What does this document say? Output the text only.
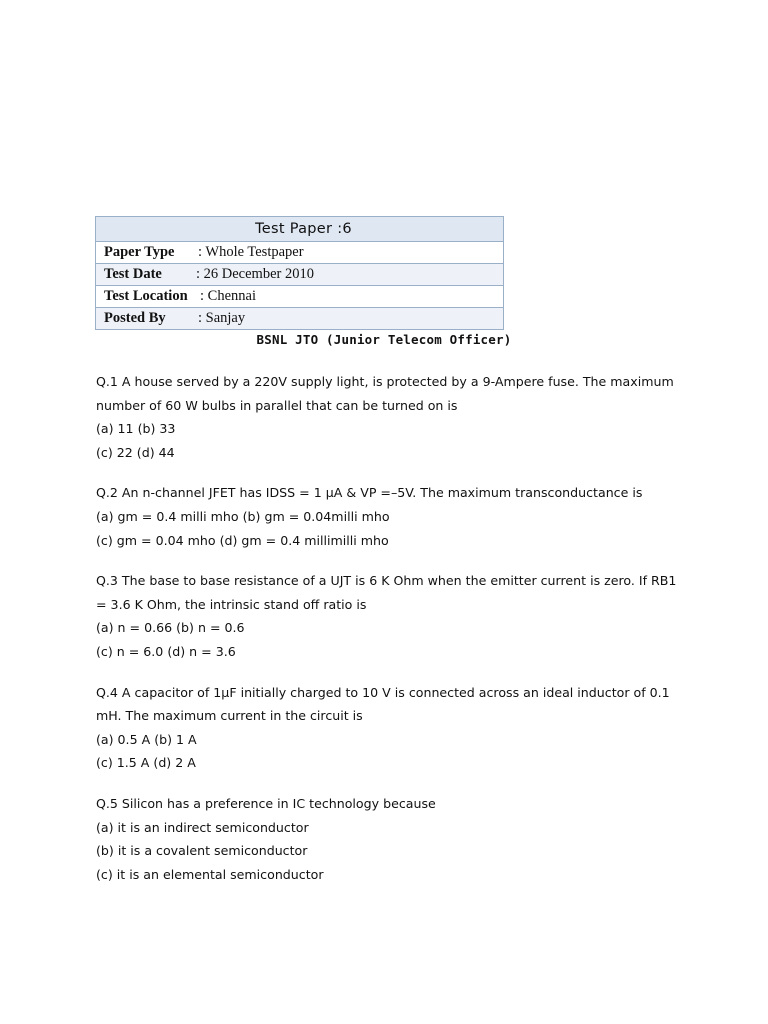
Test Paper :6
Paper Type : Whole Testpaper
Test Date : 26 December 2010
Test Location : Chennai
Posted By : Sanjay
BSNL JTO (Junior Telecom Officer)
Q.1 A house served by a 220V supply light, is protected by a 9-Ampere fuse. The maximum number of 60 W bulbs in parallel that can be turned on is
(a) 11 (b) 33
(c) 22 (d) 44
Q.2 An n-channel JFET has IDSS = 1 μA & VP =–5V. The maximum transconductance is
(a) gm = 0.4 milli mho (b) gm = 0.04milli mho
(c) gm = 0.04 mho (d) gm = 0.4 millimilli mho
Q.3 The base to base resistance of a UJT is 6 K Ohm when the emitter current is zero. If RB1 = 3.6 K Ohm, the intrinsic stand off ratio is
(a) n = 0.66 (b) n = 0.6
(c) n = 6.0 (d) n = 3.6
Q.4 A capacitor of 1μF initially charged to 10 V is connected across an ideal inductor of 0.1 mH. The maximum current in the circuit is
(a) 0.5 A (b) 1 A
(c) 1.5 A (d) 2 A
Q.5 Silicon has a preference in IC technology because
(a) it is an indirect semiconductor
(b) it is a covalent semiconductor
(c) it is an elemental semiconductor
